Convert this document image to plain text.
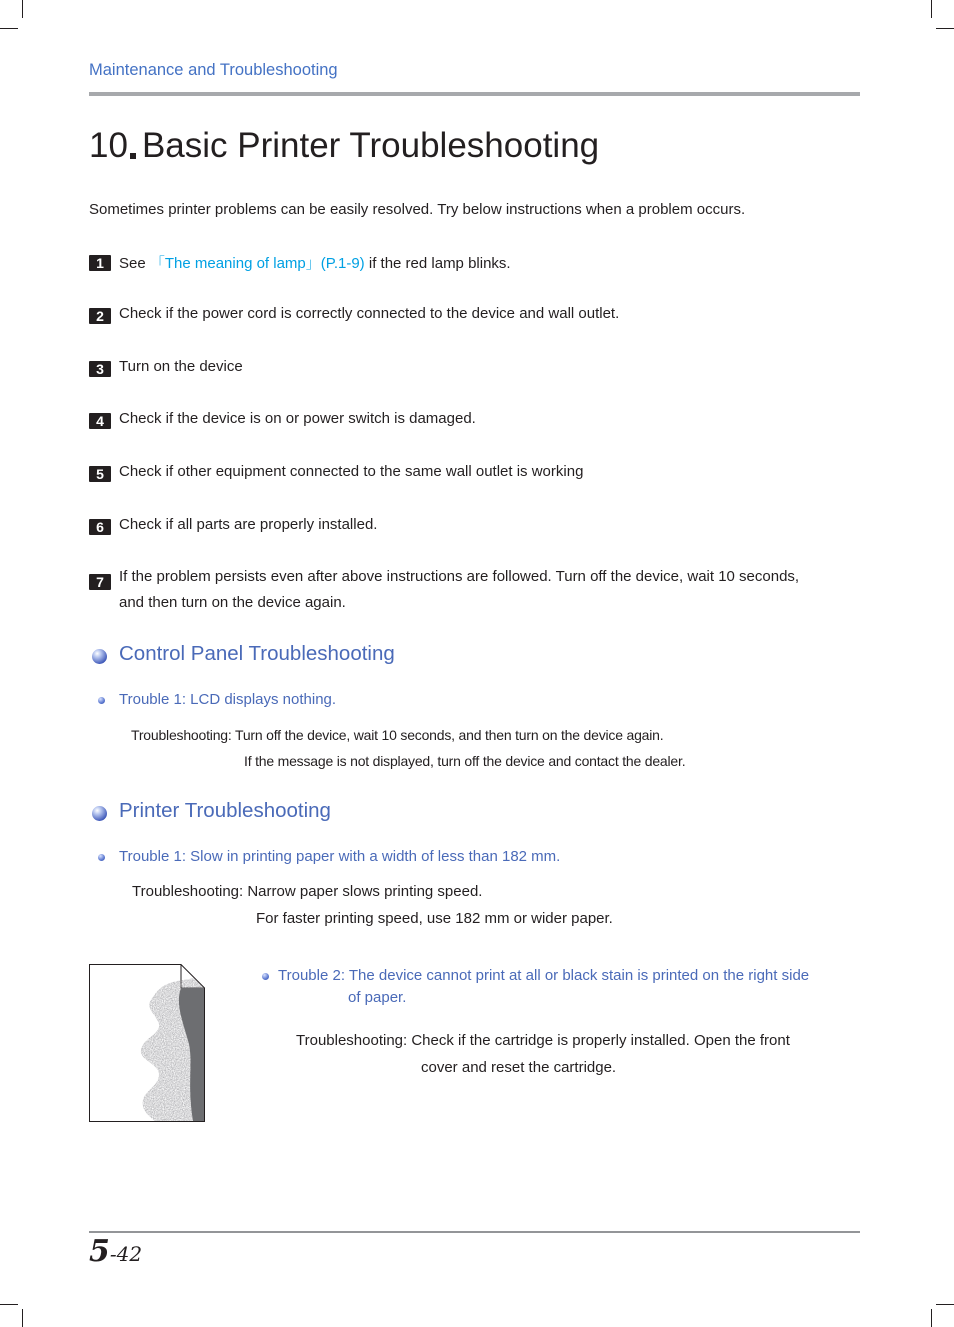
Maintenance and Troubleshooting
10 Basic Printer Troubleshooting
Sometimes printer problems can be easily resolved. Try below instructions when a problem occurs.
1	See 「The meaning of lamp」(P.1-9) if the red lamp blinks.
2	Check if the power cord is correctly connected to the device and wall outlet.
3	Turn on the device
4	Check if the device is on or power switch is damaged.
5	Check if other equipment connected to the same wall outlet is working
6	Check if all parts are properly installed.
7	If the problem persists even after above instructions are followed. Turn off the device, wait 10 seconds,
and then turn on the device again.
Control Panel Troubleshooting
Trouble 1: LCD displays nothing.
Troubleshooting: Turn off the device, wait 10 seconds, and then turn on the device again.
If the message is not displayed, turn off the device and contact the dealer.
Printer Troubleshooting
Trouble 1: Slow in printing paper with a width of less than 182 mm.
Troubleshooting: Narrow paper slows printing speed.
For faster printing speed, use 182 mm or wider paper.
Trouble 2: The device cannot print at all or black stain is printed on the right side
of paper.
Troubleshooting: Check if the cartridge is properly installed. Open the front
cover and reset the cartridge.
5-42
